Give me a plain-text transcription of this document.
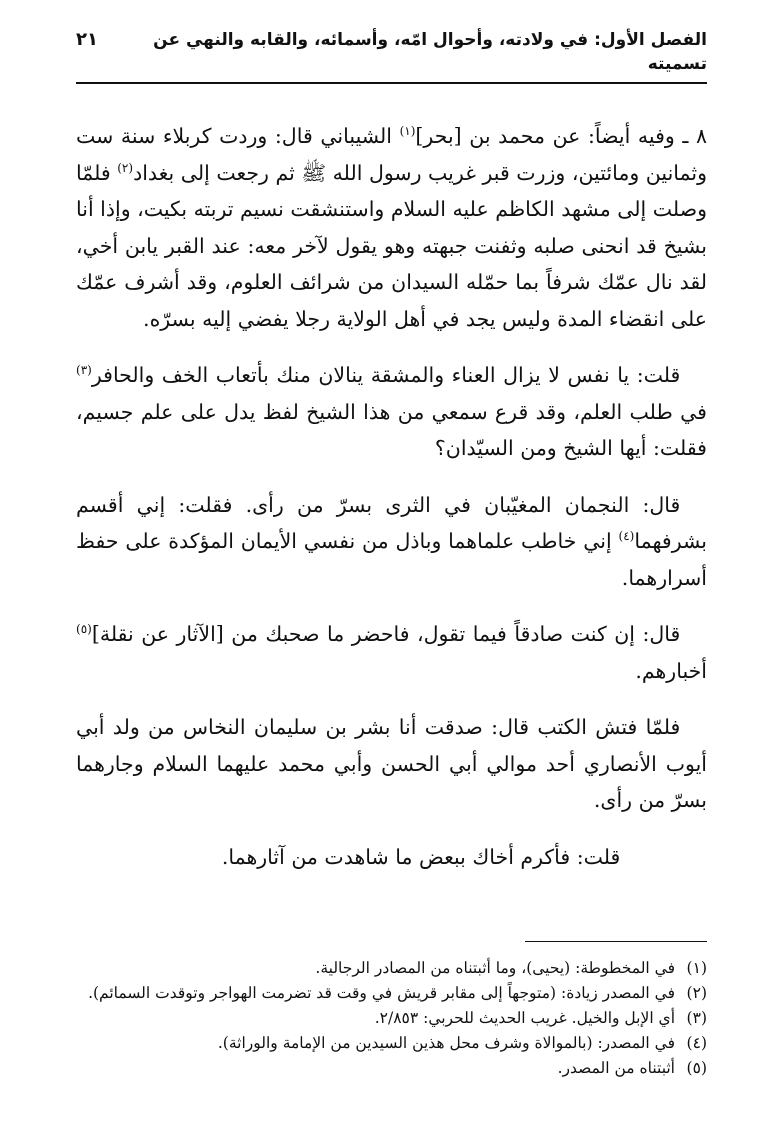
الفصل الأول: في ولادته، وأحوال امّه، وأسمائه، والقابه والنهي عن تسميته
٢١

٨ ـ وفيه أيضاً: عن محمد بن [بحر]$^{(١)}$ الشيباني قال: وردت كربلاء سنة ست وثمانين ومائتين، وزرت قبر غريب رسول الله ﷺ ثم رجعت إلى بغداد$^{(٢)}$ فلمّا وصلت إلى مشهد الكاظم عليه السلام واستنشقت نسيم تربته بكيت، وإذا أنا بشيخ قد انحنى صلبه وثفنت جبهته وهو يقول لآخر معه: عند القبر يابن أخي، لقد نال عمّك شرفاً بما حمّله السيدان من شرائف العلوم، وقد أشرف عمّك على انقضاء المدة وليس يجد في أهل الولاية رجلا يفضي إليه بسرّه.

قلت: يا نفس لا يزال العناء والمشقة ينالان منك بأتعاب الخف والحافر$^{(٣)}$ في طلب العلم، وقد قرع سمعي من هذا الشيخ لفظ يدل على علم جسيم، فقلت: أيها الشيخ ومن السيّدان؟

قال: النجمان المغيّبان في الثرى بسرّ من رأى. فقلت: إني أقسم بشرفهما$^{(٤)}$ إني خاطب علماهما وباذل من نفسي الأيمان المؤكدة على حفظ أسرارهما.

قال: إن كنت صادقاً فيما تقول، فاحضر ما صحبك من [الآثار عن نقلة]$^{(٥)}$ أخبارهم.

فلمّا فتش الكتب قال: صدقت أنا بشر بن سليمان النخاس من ولد أبي أيوب الأنصاري أحد موالي أبي الحسن وأبي محمد عليهما السلام وجارهما بسرّ من رأى.

قلت: فأكرم أخاك ببعض ما شاهدت من آثارهما.

(١)
في المخطوطة: (يحيى)، وما أثبتناه من المصادر الرجالية.
(٢)
في المصدر زيادة: (متوجهاً إلى مقابر قريش في وقت قد تضرمت الهواجر وتوقدت السمائم).
(٣)
أي الإبل والخيل. غريب الحديث للحربي: ٢/٨٥٣.
(٤)
في المصدر: (بالموالاة وشرف محل هذين السيدين من الإمامة والوراثة).
(٥)
أثبتناه من المصدر.
